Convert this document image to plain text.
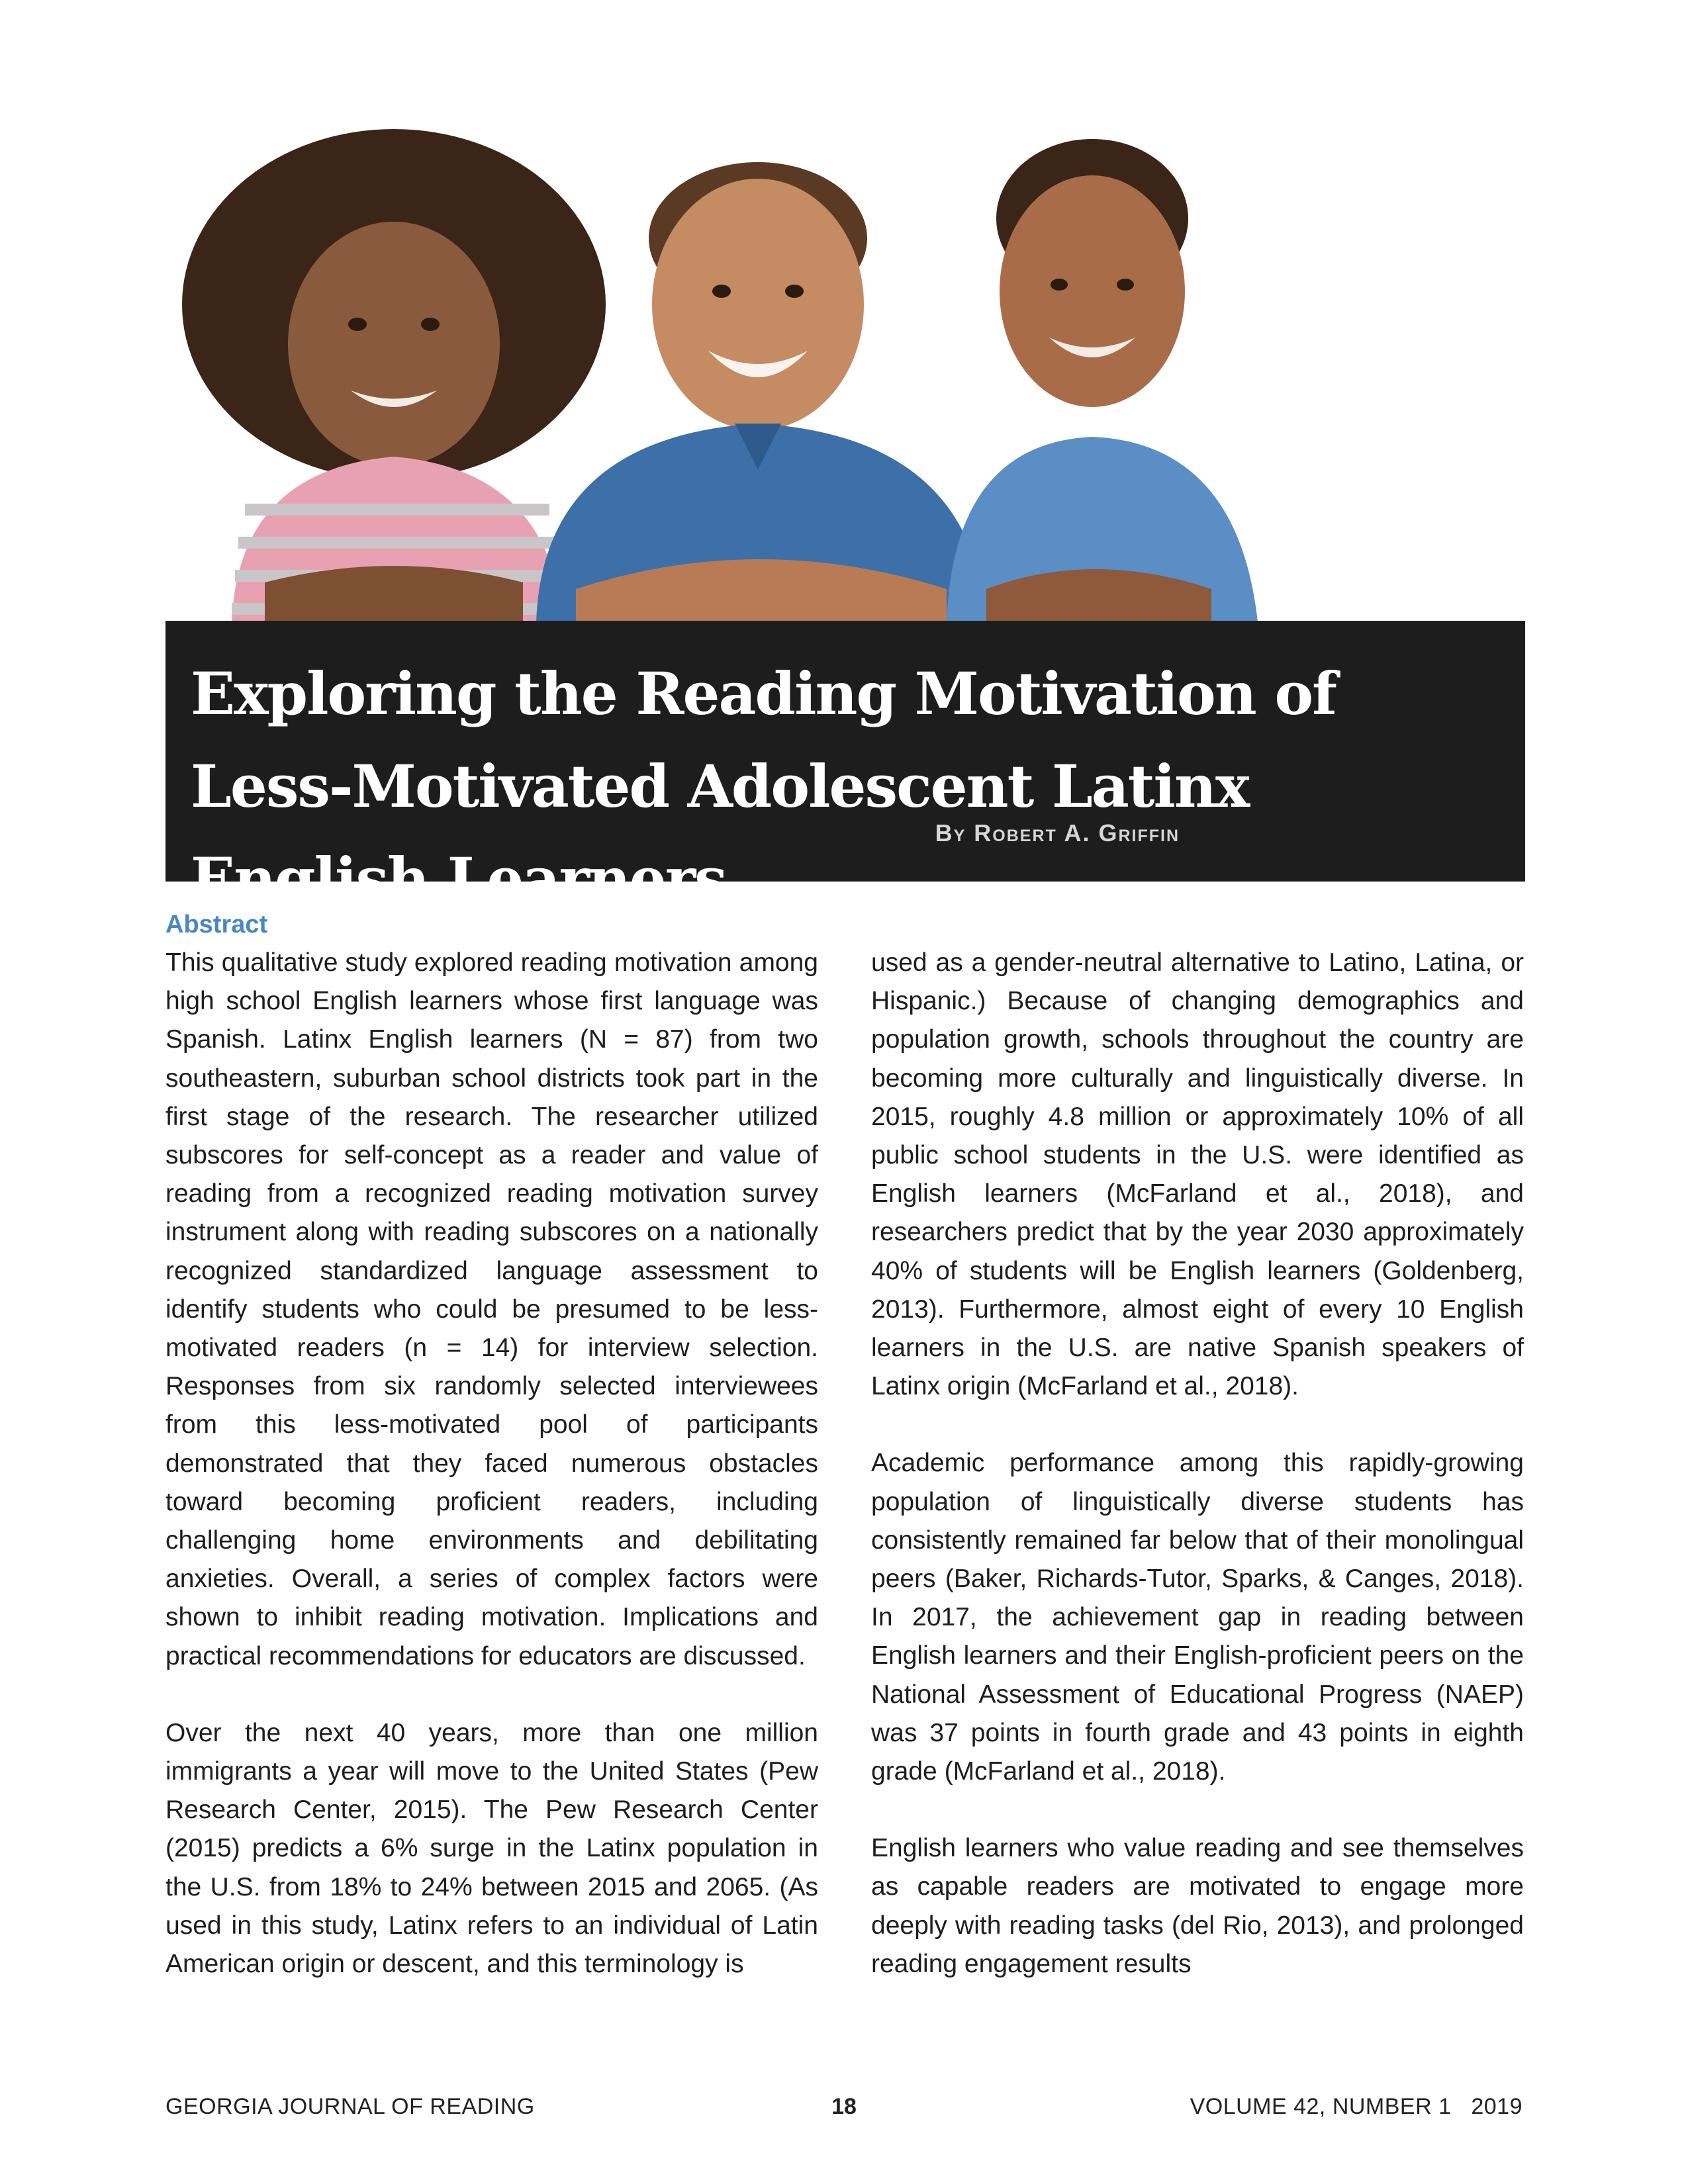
Exploring the Reading Motivation of Less-Motivated Adolescent Latinx English Learners
By Robert A. Griffin
Abstract

This qualitative study explored reading motivation among high school English learners whose first language was Spanish. Latinx English learners (N = 87) from two southeastern, suburban school districts took part in the first stage of the research. The researcher utilized subscores for self-concept as a reader and value of reading from a recognized reading motivation survey instrument along with reading subscores on a nationally recognized standardized language assessment to identify students who could be presumed to be less-motivated readers (n = 14) for interview selection. Responses from six randomly selected interviewees from this less-motivated pool of participants demonstrated that they faced numerous obstacles toward becoming proficient readers, including challenging home environments and debilitating anxieties. Overall, a series of complex factors were shown to inhibit reading motivation. Implications and practical recommendations for educators are discussed.

Over the next 40 years, more than one million immigrants a year will move to the United States (Pew Research Center, 2015). The Pew Research Center (2015) predicts a 6% surge in the Latinx population in the U.S. from 18% to 24% between 2015 and 2065. (As used in this study, Latinx refers to an individual of Latin American origin or descent, and this terminology is

used as a gender-neutral alternative to Latino, Latina, or Hispanic.) Because of changing demographics and population growth, schools throughout the country are becoming more culturally and linguistically diverse. In 2015, roughly 4.8 million or approximately 10% of all public school students in the U.S. were identified as English learners (McFarland et al., 2018), and researchers predict that by the year 2030 approximately 40% of students will be English learners (Goldenberg, 2013). Furthermore, almost eight of every 10 English learners in the U.S. are native Spanish speakers of Latinx origin (McFarland et al., 2018).

Academic performance among this rapidly-growing population of linguistically diverse students has consistently remained far below that of their monolingual peers (Baker, Richards-Tutor, Sparks, & Canges, 2018). In 2017, the achievement gap in reading between English learners and their English-proficient peers on the National Assessment of Educational Progress (NAEP) was 37 points in fourth grade and 43 points in eighth grade (McFarland et al., 2018).

English learners who value reading and see themselves as capable readers are motivated to engage more deeply with reading tasks (del Rio, 2013), and prolonged reading engagement results

GEORGIA JOURNAL OF READING	18	VOLUME 42, NUMBER 1   2019
